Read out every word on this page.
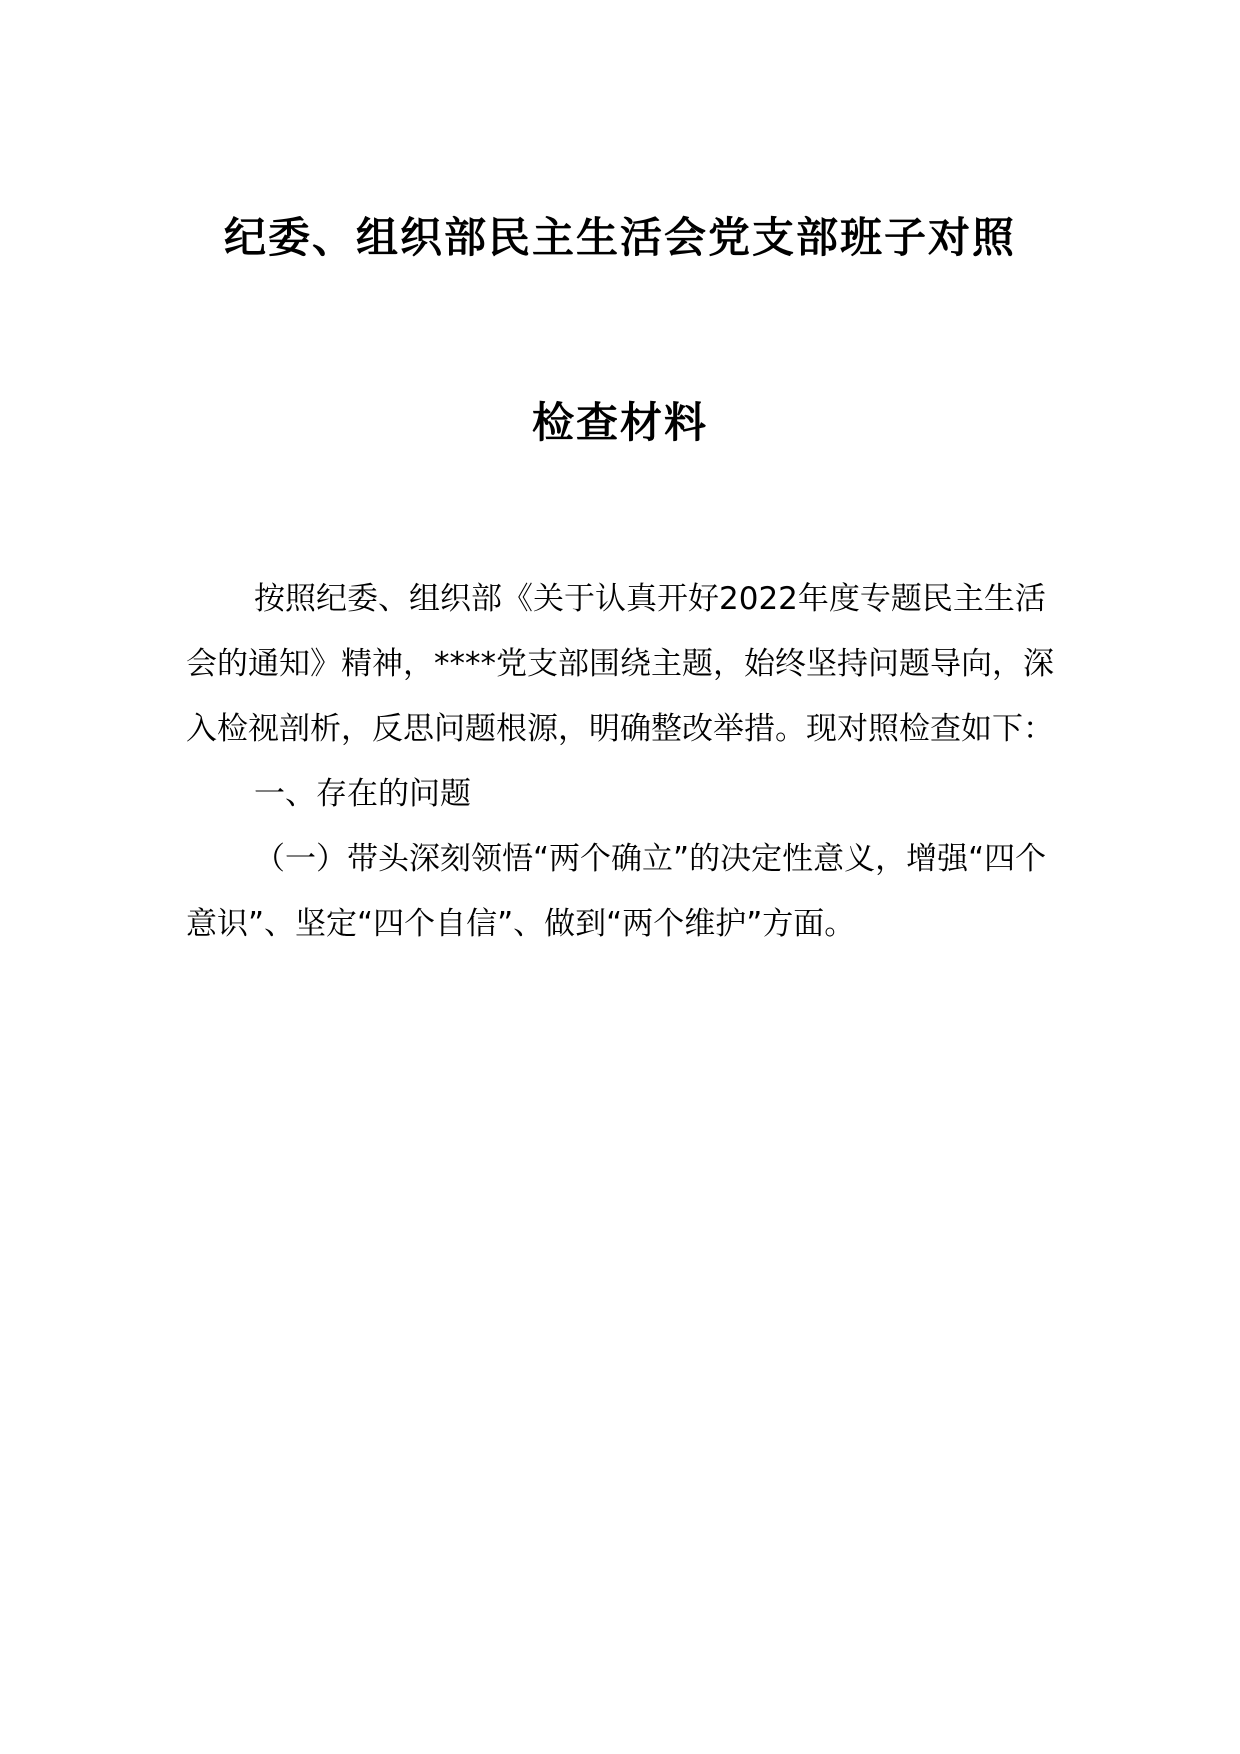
纪委、组织部民主生活会党支部班子对照
检查材料

按照纪委、组织部《关于认真开好2022年度专题民主生活会的通知》精神，****党支部围绕主题，始终坚持问题导向，深入检视剖析，反思问题根源，明确整改举措。现对照检查如下：

一、存在的问题

（一）带头深刻领悟“两个确立”的决定性意义，增强“四个意识”、坚定“四个自信”、做到“两个维护”方面。
